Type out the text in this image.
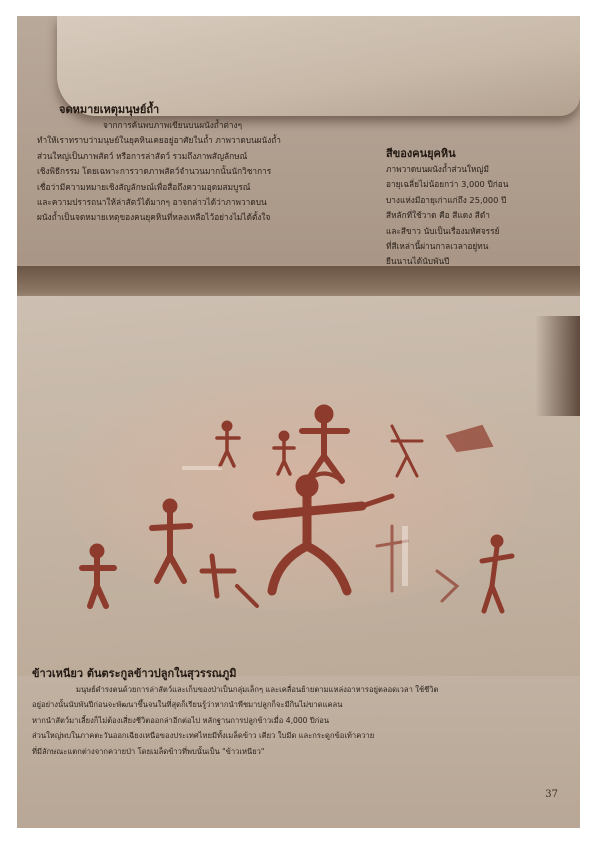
จดหมายเหตุมนุษย์ถ้ำ
จากการค้นพบภาพเขียนบนผนังถ้ำต่างๆ
ทำให้เราทราบว่ามนุษย์ในยุคหินเคยอยู่อาศัยในถ้ำ ภาพวาดบนผนังถ้ำ
ส่วนใหญ่เป็นภาพสัตว์ หรือการล่าสัตว์ รวมถึงภาพสัญลักษณ์
เชิงพิธีกรรม โดยเฉพาะการวาดภาพสัตว์จำนวนมากนั้นนักวิชาการ
เชื่อว่ามีความหมายเชิงสัญลักษณ์เพื่อสื่อถึงความอุดมสมบูรณ์
และความปรารถนาให้ล่าสัตว์ได้มากๆ อาจกล่าวได้ว่าภาพวาดบน
ผนังถ้ำเป็นจดหมายเหตุของคนยุคหินที่หลงเหลือไว้อย่างไม่ได้ตั้งใจ
สีของคนยุคหิน
ภาพวาดบนผนังถ้ำส่วนใหญ่มี
อายุเฉลี่ยไม่น้อยกว่า 3,000 ปีก่อน
บางแห่งมีอายุเก่าแก่ถึง 25,000 ปี
สีหลักที่ใช้วาด คือ สีแดง สีดำ
และสีขาว นับเป็นเรื่องมหัศจรรย์
ที่สีเหล่านี้ผ่านกาลเวลาอยู่ทน
ยืนนานได้นับพันปี
ข้าวเหนียว ต้นตระกูลข้าวปลูกในสุวรรณภูมิ
มนุษย์ดำรงตนด้วยการล่าสัตว์และเก็บของป่าเป็นกลุ่มเล็กๆ และเคลื่อนย้ายตามแหล่งอาหารอยู่ตลอดเวลา ใช้ชีวิต
อยู่อย่างนั้นนับพันปีก่อนจะพัฒนาขึ้นจนในที่สุดก็เรียนรู้ว่าหากนำพืชมาปลูกก็จะมีกินไม่ขาดแคลน
หากนำสัตว์มาเลี้ยงก็ไม่ต้องเสี่ยงชีวิตออกล่าอีกต่อไป หลักฐานการปลูกข้าวเมื่อ 4,000 ปีก่อน
ส่วนใหญ่พบในภาคตะวันออกเฉียงเหนือของประเทศไทยมีทั้งเมล็ดข้าว เคียว ใบมีด และกระดูกข้อเท้าควาย
ที่มีลักษณะแตกต่างจากควายป่า โดยเมล็ดข้าวที่พบนั้นเป็น "ข้าวเหนียว"
37
